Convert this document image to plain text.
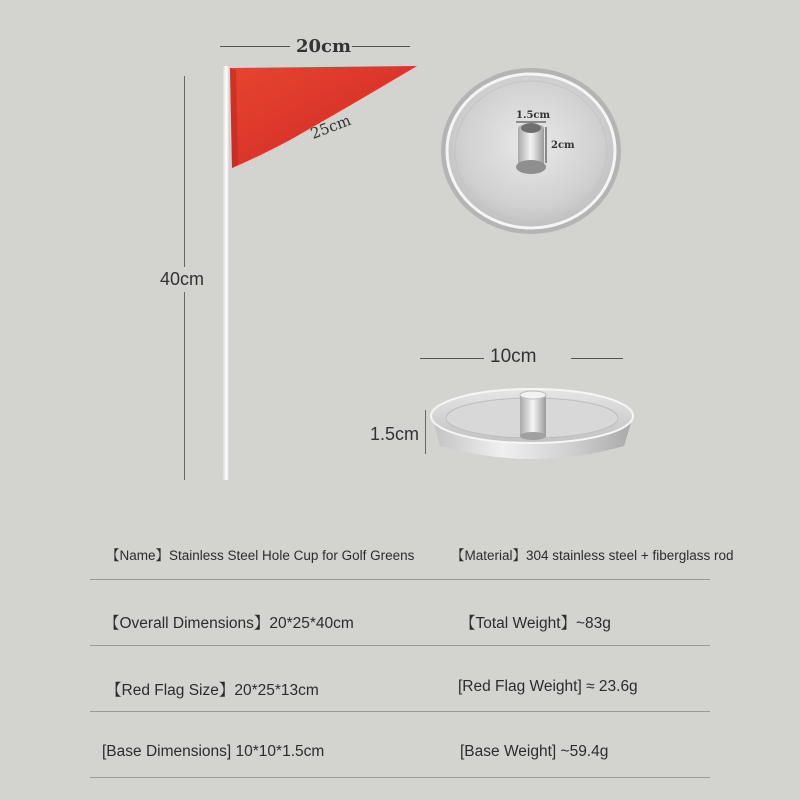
20cm
40cm
25cm	1.5cm
2cm
10cm
1.5cm
【Name】Stainless Steel Hole Cup for Golf Greens	【Material】304 stainless steel + fiberglass rod
【Overall Dimensions】20*25*40cm	【Total Weight】~83g
【Red Flag Size】20*25*13cm	[Red Flag Weight] ≈ 23.6g
[Base Dimensions] 10*10*1.5cm	[Base Weight] ~59.4g
